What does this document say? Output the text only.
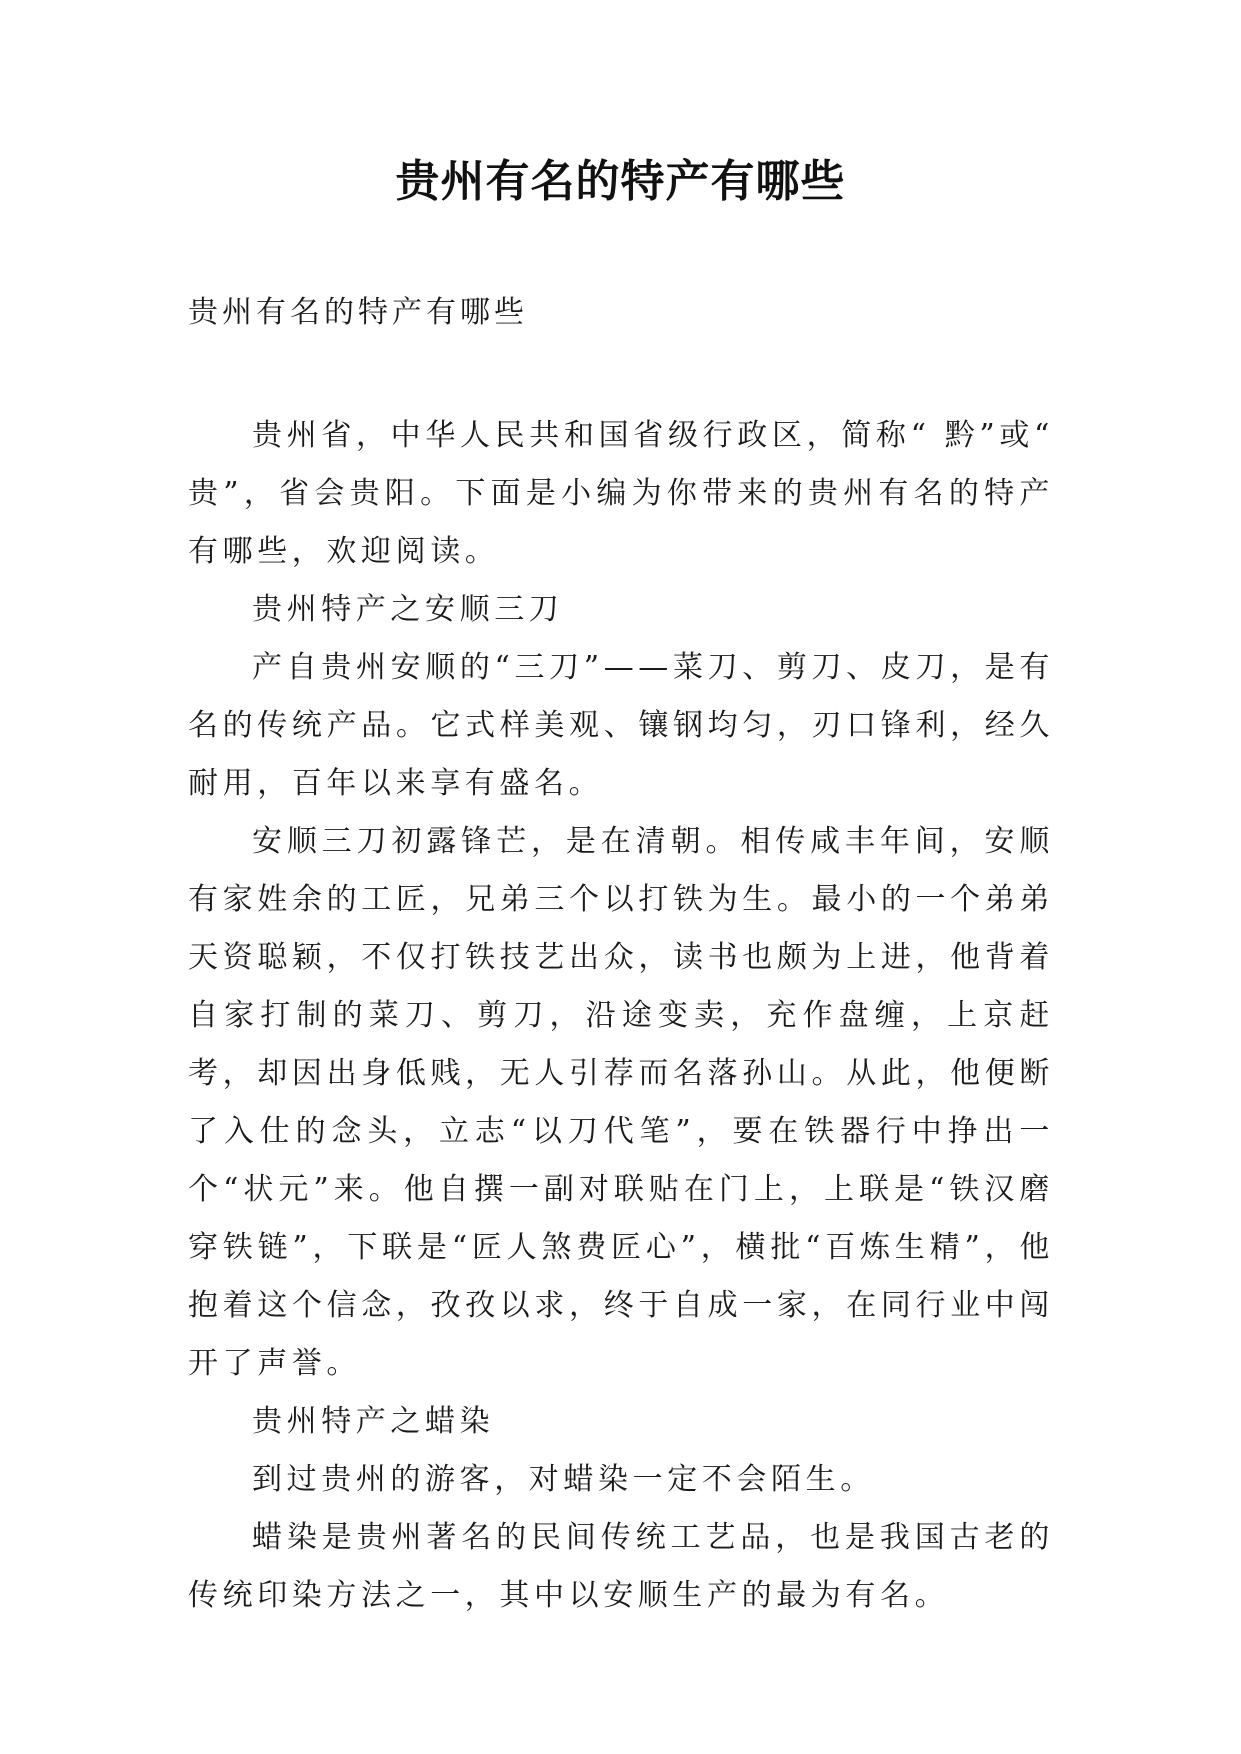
贵州有名的特产有哪些
贵州有名的特产有哪些

贵州省，中华人民共和国省级行政区，简称“ 黔”或“ 贵”，省会贵阳。下面是小编为你带来的贵州有名的特产有哪些，欢迎阅读。

贵州特产之安顺三刀

产自贵州安顺的“三刀”——菜刀、剪刀、皮刀，是有名的传统产品。它式样美观、镶钢均匀，刃口锋利，经久耐用，百年以来享有盛名。

安顺三刀初露锋芒，是在清朝。相传咸丰年间，安顺有家姓余的工匠，兄弟三个以打铁为生。最小的一个弟弟天资聪颖，不仅打铁技艺出众，读书也颇为上进，他背着自家打制的菜刀、剪刀，沿途变卖，充作盘缠，上京赶考，却因出身低贱，无人引荐而名落孙山。从此，他便断了入仕的念头，立志“以刀代笔”，要在铁器行中挣出一个“状元”来。他自撰一副对联贴在门上，上联是“铁汉磨穿铁链”，下联是“匠人煞费匠心”，横批“百炼生精”，他抱着这个信念，孜孜以求，终于自成一家，在同行业中闯开了声誉。

贵州特产之蜡染

到过贵州的游客，对蜡染一定不会陌生。

蜡染是贵州著名的民间传统工艺品，也是我国古老的传统印染方法之一，其中以安顺生产的最为有名。
